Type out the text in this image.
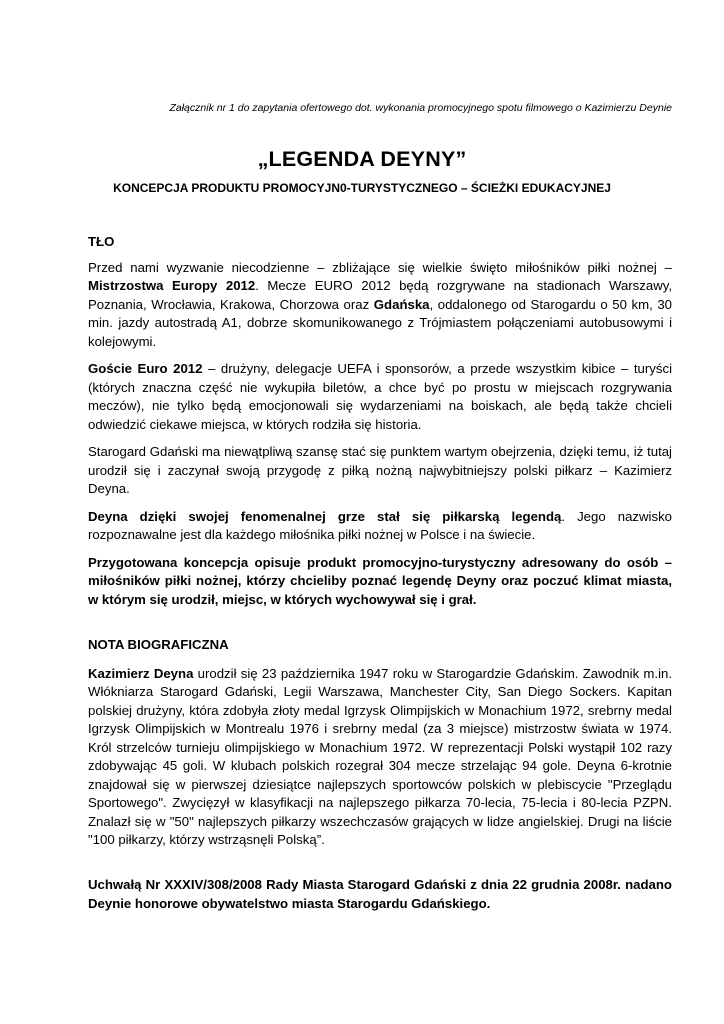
Załącznik nr 1 do zapytania ofertowego dot. wykonania promocyjnego spotu filmowego o Kazimierzu Deynie
„LEGENDA DEYNY”
KONCEPCJA PRODUKTU PROMOCYJN0-TURYSTYCZNEGO – ŚCIEŻKI EDUKACYJNEJ
TŁO

Przed nami wyzwanie niecodzienne – zbliżające się wielkie święto miłośników piłki nożnej – Mistrzostwa Europy 2012. Mecze EURO 2012 będą rozgrywane na stadionach Warszawy, Poznania, Wrocławia, Krakowa, Chorzowa oraz Gdańska, oddalonego od Starogardu o 50 km, 30 min. jazdy autostradą A1, dobrze skomunikowanego z Trójmiastem połączeniami autobusowymi i kolejowymi.

Goście Euro 2012 – drużyny, delegacje UEFA i sponsorów, a przede wszystkim kibice – turyści (których znaczna część nie wykupiła biletów, a chce być po prostu w miejscach rozgrywania meczów), nie tylko będą emocjonowali się wydarzeniami na boiskach, ale będą także chcieli odwiedzić ciekawe miejsca, w których rodziła się historia.

Starogard Gdański ma niewątpliwą szansę stać się punktem wartym obejrzenia, dzięki temu, iż tutaj urodził się i zaczynał swoją przygodę z piłką nożną najwybitniejszy polski piłkarz – Kazimierz Deyna.

Deyna dzięki swojej fenomenalnej grze stał się piłkarską legendą. Jego nazwisko rozpoznawalne jest dla każdego miłośnika piłki nożnej w Polsce i na świecie.

Przygotowana koncepcja opisuje produkt promocyjno-turystyczny adresowany do osób – miłośników piłki nożnej, którzy chcieliby poznać legendę Deyny oraz poczuć klimat miasta, w którym się urodził, miejsc, w których wychowywał się i grał.

NOTA BIOGRAFICZNA

Kazimierz Deyna urodził się 23 października 1947 roku w Starogardzie Gdańskim. Zawodnik m.in. Włókniarza Starogard Gdański, Legii Warszawa, Manchester City, San Diego Sockers. Kapitan polskiej drużyny, która zdobyła złoty medal Igrzysk Olimpijskich w Monachium 1972, srebrny medal Igrzysk Olimpijskich w Montrealu 1976 i srebrny medal (za 3 miejsce) mistrzostw świata w 1974. Król strzelców turnieju olimpijskiego w Monachium 1972. W reprezentacji Polski wystąpił 102 razy zdobywając 45 goli. W klubach polskich rozegrał 304 mecze strzelając 94 gole. Deyna 6-krotnie znajdował się w pierwszej dziesiątce najlepszych sportowców polskich w plebiscycie "Przeglądu Sportowego". Zwycięzył w klasyfikacji na najlepszego piłkarza 70-lecia, 75-lecia i 80-lecia PZPN. Znalazł się w "50" najlepszych piłkarzy wszechczasów grających w lidze angielskiej. Drugi na liście "100 piłkarzy, którzy wstrząsnęli Polską”.

Uchwałą Nr XXXIV/308/2008 Rady Miasta Starogard Gdański z dnia 22 grudnia 2008r. nadano Deynie honorowe obywatelstwo miasta Starogardu Gdańskiego.
